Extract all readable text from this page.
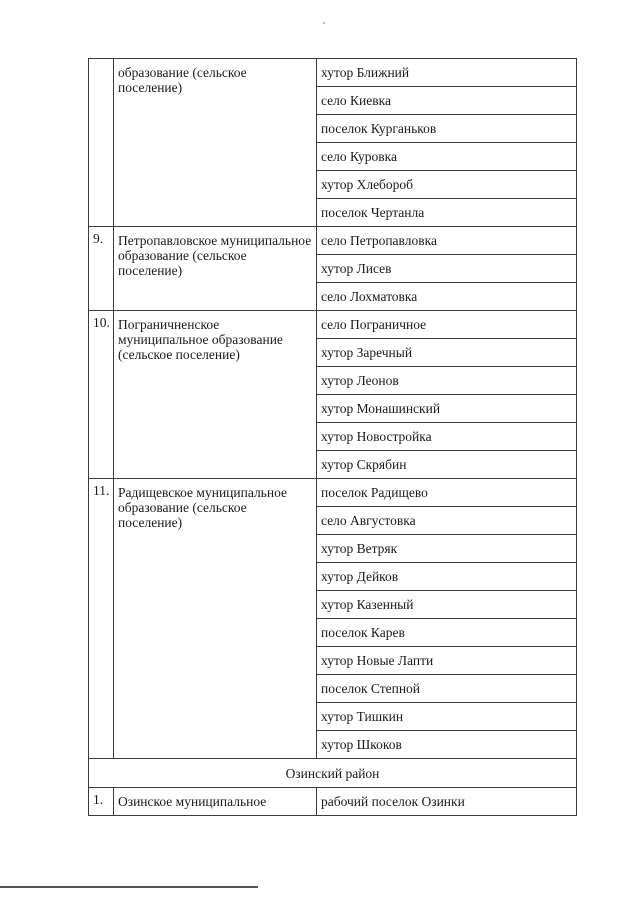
	образование (сельское поселение)	хутор Ближний
		село Киевка
		поселок Курганьков
		село Куровка
		хутор Хлебороб
		поселок Чертанла
9.	Петропавловское муниципальное образование (сельское поселение)	село Петропавловка
		хутор Лисев
		село Лохматовка
10.	Пограничненское муниципальное образование (сельское поселение)	село Пограничное
		хутор Заречный
		хутор Леонов
		хутор Монашинский
		хутор Новостройка
		хутор Скрябин
11.	Радищевское муниципальное образование (сельское поселение)	поселок Радищево
		село Августовка
		хутор Ветряк
		хутор Дейков
		хутор Казенный
		поселок Карев
		хутор Новые Лапти
		поселок Степной
		хутор Тишкин
		хутор Шкоков
Озинский район		
1.	Озинское муниципальное	рабочий поселок Озинки
